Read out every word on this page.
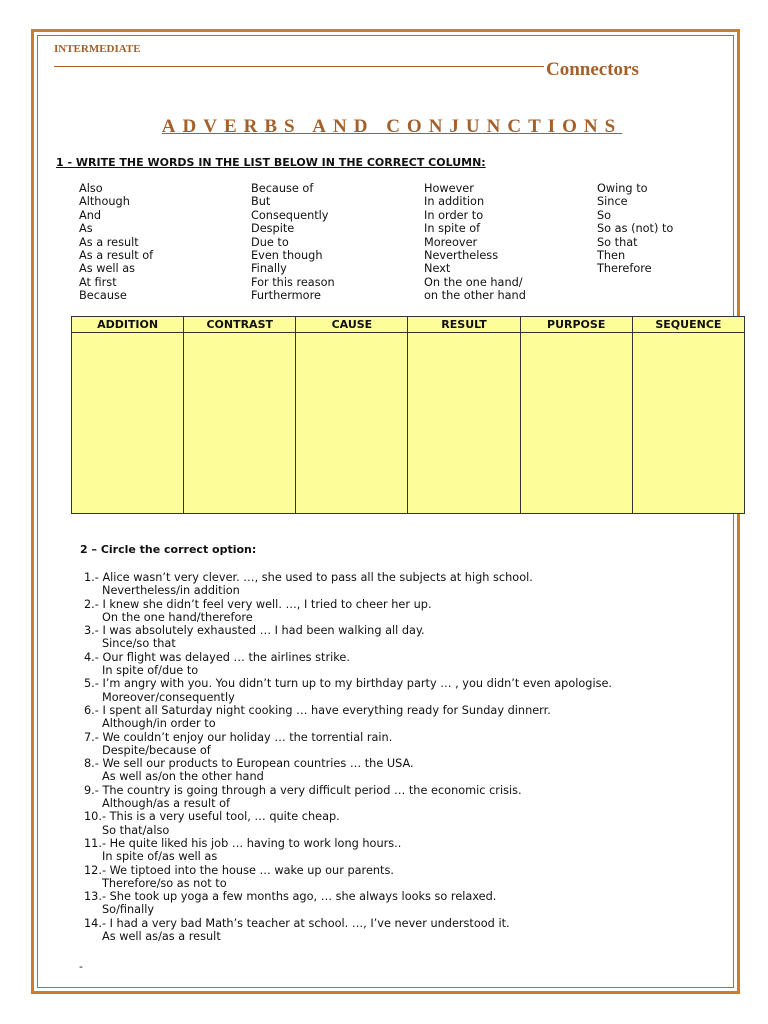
INTERMEDIATE
Connectors
ADVERBS AND CONJUNCTIONS
1 - WRITE THE WORDS IN THE LIST BELOW IN THE CORRECT COLUMN:
Also
Although
And
As
As a result
As a result of
As well as
At first
Because
Because of
But
Consequently
Despite
Due to
Even though
Finally
For this reason
Furthermore
However
In addition
In order to
In spite of
Moreover
Nevertheless
Next
On the one hand/
on the other hand
Owing to
Since
So
So as (not) to
So that
Then
Therefore
ADDITION	CONTRAST	CAUSE	RESULT	PURPOSE	SEQUENCE

2 – Circle the correct option:
1.- Alice wasn’t very clever. …, she used to pass all the subjects at high school.
Nevertheless/in addition
2.- I knew she didn’t feel very well. …, I tried to cheer her up.
On the one hand/therefore
3.- I was absolutely exhausted … I had been walking all day.
Since/so that
4.- Our flight was delayed … the airlines strike.
In spite of/due to
5.- I’m angry with you. You didn’t turn up to my birthday party … , you didn’t even apologise.
Moreover/consequently
6.- I spent all Saturday night cooking … have everything ready for Sunday dinnerr.
Although/in order to
7.- We couldn’t enjoy our holiday … the torrential rain.
Despite/because of
8.- We sell our products to European countries … the USA.
As well as/on the other hand
9.- The country is going through a very difficult period … the economic crisis.
Although/as a result of
10.- This is a very useful tool, … quite cheap.
So that/also
11.- He quite liked his job … having to work long hours..
In spite of/as well as
12.- We tiptoed into the house … wake up our parents.
Therefore/so as not to
13.- She took up yoga a few months ago, … she always looks so relaxed.
So/finally
14.- I had a very bad Math’s teacher at school. …, I’ve never understood it.
As well as/as a result
-
